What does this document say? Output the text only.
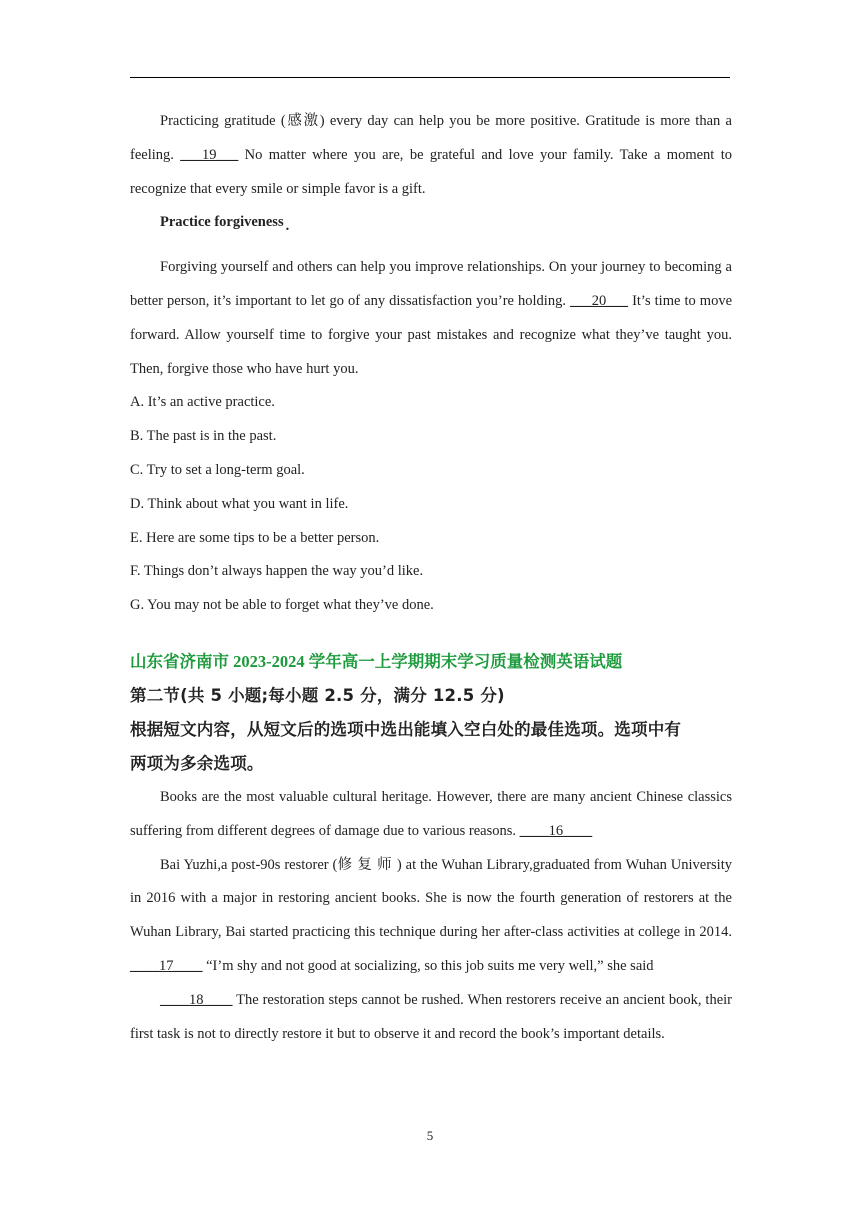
Practicing gratitude (感激) every day can help you be more positive. Gratitude is more than a feeling. ___19___ No matter where you are, be grateful and love your family. Take a moment to recognize that every smile or simple favor is a gift.

Practice forgiveness .

Forgiving yourself and others can help you improve relationships. On your journey to becoming a better person, it’s important to let go of any dissatisfaction you’re holding. ___20___ It’s time to move forward. Allow yourself time to forgive your past mistakes and recognize what they’ve taught you. Then, forgive those who have hurt you.

A. It’s an active practice.

B. The past is in the past.

C. Try to set a long-term goal.

D. Think about what you want in life.

E. Here are some tips to be a better person.

F. Things don’t always happen the way you’d like.

G. You may not be able to forget what they’ve done.

山东省济南市 2023-2024 学年高一上学期期末学习质量检测英语试题

第二节(共 5 小题;每小题 2.5 分，满分 12.5 分)

根据短文内容，从短文后的选项中选出能填入空白处的最佳选项。选项中有

两项为多余选项。

Books are the most valuable cultural heritage. However, there are many ancient Chinese classics suffering from different degrees of damage due to various reasons. ____16____

Bai Yuzhi,a post-90s restorer (修复师) at the Wuhan Library,graduated from Wuhan University in 2016 with a major in restoring ancient books. She is now the fourth generation of restorers at the Wuhan Library, Bai started practicing this technique during her after-class activities at college in 2014. ____17____ “I’m shy and not good at socializing, so this job suits me very well,” she said

____18____ The restoration steps cannot be rushed. When restorers receive an ancient book, their first task is not to directly restore it but to observe it and record the book’s important details.

5
